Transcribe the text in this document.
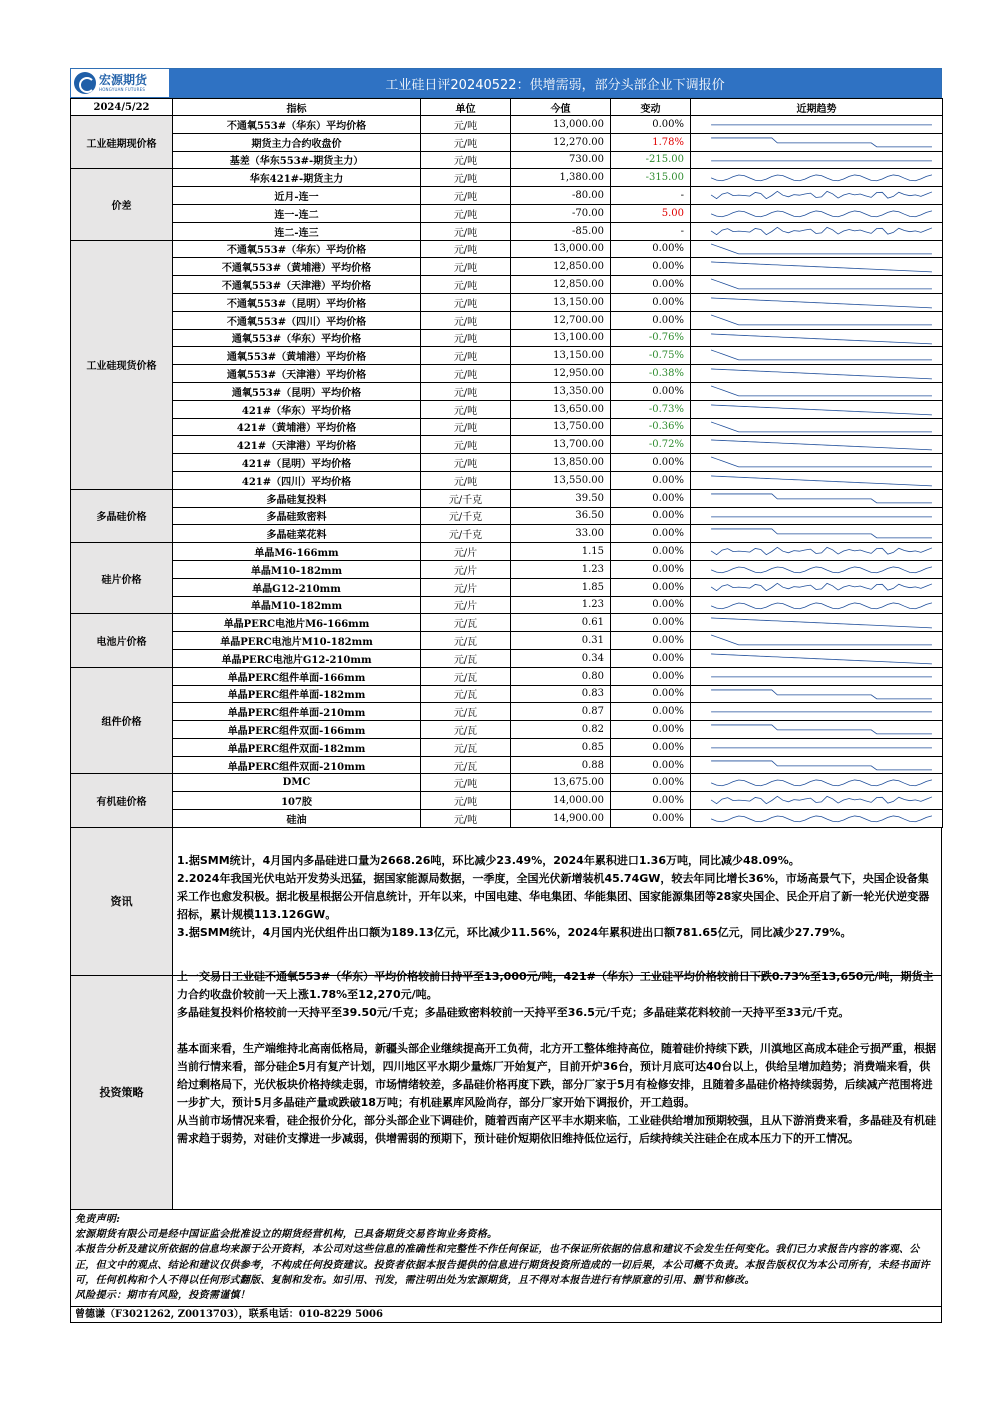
宏源期货
HONGYUAN FUTURES	工业硅日评20240522：供增需弱，部分头部企业下调报价
2024/5/22	指标	单位	今值	变动	近期趋势
工业硅期现价格	不通氧553#（华东）平均价格	元/吨	13,000.00	0.00%	

	期货主力合约收盘价	元/吨	12,270.00	1.78%	

	基差（华东553#-期货主力）	元/吨	730.00	-215.00	

价差	华东421#-期货主力	元/吨	1,380.00	-315.00	

	近月-连一	元/吨	-80.00	-	

	连一-连二	元/吨	-70.00	5.00	

	连二-连三	元/吨	-85.00	-	

工业硅现货价格	不通氧553#（华东）平均价格	元/吨	13,000.00	0.00%	

	不通氧553#（黄埔港）平均价格	元/吨	12,850.00	0.00%	

	不通氧553#（天津港）平均价格	元/吨	12,850.00	0.00%	

	不通氧553#（昆明）平均价格	元/吨	13,150.00	0.00%	

	不通氧553#（四川）平均价格	元/吨	12,700.00	0.00%	

	通氧553#（华东）平均价格	元/吨	13,100.00	-0.76%	

	通氧553#（黄埔港）平均价格	元/吨	13,150.00	-0.75%	

	通氧553#（天津港）平均价格	元/吨	12,950.00	-0.38%	

	通氧553#（昆明）平均价格	元/吨	13,350.00	0.00%	

	421#（华东）平均价格	元/吨	13,650.00	-0.73%	

	421#（黄埔港）平均价格	元/吨	13,750.00	-0.36%	

	421#（天津港）平均价格	元/吨	13,700.00	-0.72%	

	421#（昆明）平均价格	元/吨	13,850.00	0.00%	

	421#（四川）平均价格	元/吨	13,550.00	0.00%	

多晶硅价格	多晶硅复投料	元/千克	39.50	0.00%	

	多晶硅致密料	元/千克	36.50	0.00%	

	多晶硅菜花料	元/千克	33.00	0.00%	

硅片价格	单晶M6-166mm	元/片	1.15	0.00%	

	单晶M10-182mm	元/片	1.23	0.00%	

	单晶G12-210mm	元/片	1.85	0.00%	

	单晶M10-182mm	元/片	1.23	0.00%	

电池片价格	单晶PERC电池片M6-166mm	元/瓦	0.61	0.00%	

	单晶PERC电池片M10-182mm	元/瓦	0.31	0.00%	

	单晶PERC电池片G12-210mm	元/瓦	0.34	0.00%	

组件价格	单晶PERC组件单面-166mm	元/瓦	0.80	0.00%	

	单晶PERC组件单面-182mm	元/瓦	0.83	0.00%	

	单晶PERC组件单面-210mm	元/瓦	0.87	0.00%	

	单晶PERC组件双面-166mm	元/瓦	0.82	0.00%	

	单晶PERC组件双面-182mm	元/瓦	0.85	0.00%	

	单晶PERC组件双面-210mm	元/瓦	0.88	0.00%	

有机硅价格	DMC	元/吨	13,675.00	0.00%	

	107胶	元/吨	14,000.00	0.00%	

	硅油	元/吨	14,900.00	0.00%	
资讯

1.据SMM统计，4月国内多晶硅进口量为2668.26吨，环比减少23.49%，2024年累积进口1.36万吨，同比减少48.09%。

2.2024年我国光伏电站开发势头迅猛，据国家能源局数据，一季度，全国光伏新增装机45.74GW，较去年同比增长36%，市场高景气下，央国企设备集采工作也愈发积极。据北极星根据公开信息统计，开年以来，中国电建、华电集团、华能集团、国家能源集团等28家央国企、民企开启了新一轮光伏逆变器招标，累计规模113.126GW。

3.据SMM统计，4月国内光伏组件出口额为189.13亿元，环比减少11.56%，2024年累积进出口额781.65亿元，同比减少27.79%。

投资策略

上一交易日工业硅不通氧553#（华东）平均价格较前日持平至13,000元/吨，421#（华东）工业硅平均价格较前日下跌0.73%至13,650元/吨，期货主力合约收盘价较前一天上涨1.78%至12,270元/吨。

多晶硅复投料价格较前一天持平至39.50元/千克；多晶硅致密料较前一天持平至36.5元/千克；多晶硅菜花料较前一天持平至33元/千克。

基本面来看，生产端维持北高南低格局，新疆头部企业继续提高开工负荷，北方开工整体维持高位，随着硅价持续下跌，川滇地区高成本硅企亏损严重，根据当前行情来看，部分硅企5月有复产计划，四川地区平水期少量炼厂开始复产，目前开炉36台，预计月底可达40台以上，供给呈增加趋势；消费端来看，供给过剩格局下，光伏板块价格持续走弱，市场情绪较差，多晶硅价格再度下跌，部分厂家于5月有检修安排，且随着多晶硅价格持续弱势，后续减产范围将进一步扩大，预计5月多晶硅产量或跌破18万吨；有机硅累库风险尚存，部分厂家开始下调报价，开工趋弱。

从当前市场情况来看，硅企报价分化，部分头部企业下调硅价，随着西南产区平丰水期来临，工业硅供给增加预期较强，且从下游消费来看，多晶硅及有机硅需求趋于弱势，对硅价支撑进一步减弱，供增需弱的预期下，预计硅价短期依旧维持低位运行，后续持续关注硅企在成本压力下的开工情况。

免责声明:
宏源期货有限公司是经中国证监会批准设立的期货经营机构，已具备期货交易咨询业务资格。
本报告分析及建议所依据的信息均来源于公开资料，本公司对这些信息的准确性和完整性不作任何保证，也不保证所依据的信息和建议不会发生任何变化。我们已力求报告内容的客观、公正，但文中的观点、结论和建议仅供参考，不构成任何投资建议。投资者依据本报告提供的信息进行期货投资所造成的一切后果，本公司概不负责。本报告版权仅为本公司所有，未经书面许可，任何机构和个人不得以任何形式翻版、复制和发布。如引用、刊发，需注明出处为宏源期货，且不得对本报告进行有悖原意的引用、删节和修改。
风险提示：期市有风险，投资需谨慎！
曾德谦（F3021262, Z0013703），联系电话：010-8229 5006
